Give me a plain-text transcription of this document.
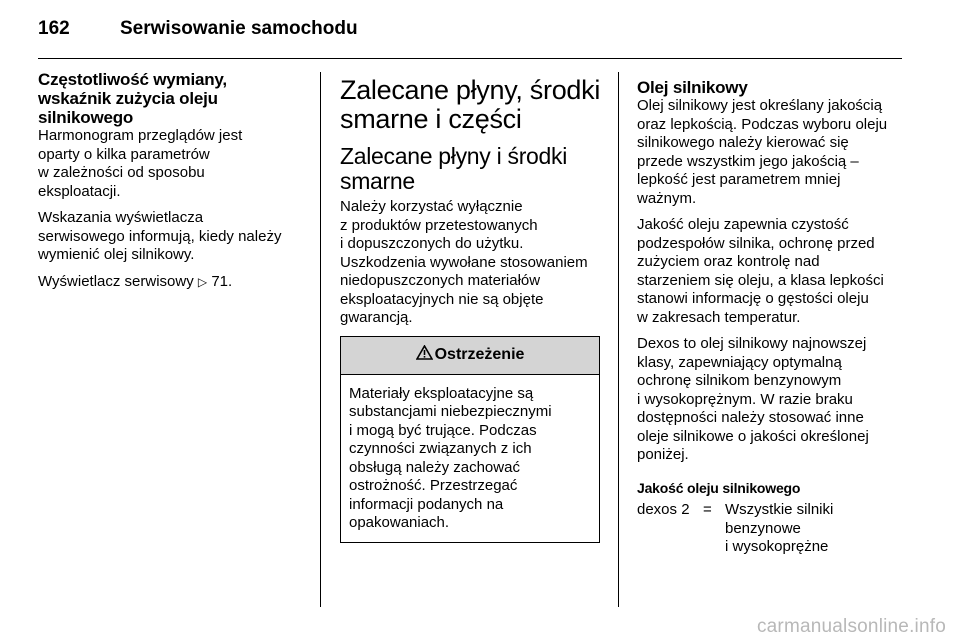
162	Serwisowanie samochodu
Częstotliwość wymiany,
wskaźnik zużycia oleju
silnikowego

Harmonogram przeglądów jest
oparty o kilka parametrów
w zależności od sposobu
eksploatacji.

Wskazania wyświetlacza
serwisowego informują, kiedy należy
wymienić olej silnikowy.

Wyświetlacz serwisowy ▷ 71.

Zalecane płyny, środki
smarne i części
Zalecane płyny i środki
smarne

Należy korzystać wyłącznie
z produktów przetestowanych
i dopuszczonych do użytku.
Uszkodzenia wywołane stosowaniem
niedopuszczonych materiałów
eksploatacyjnych nie są objęte
gwarancją.

Ostrzeżenie
Materiały eksploatacyjne są
substancjami niebezpiecznymi
i mogą być trujące. Podczas
czynności związanych z ich
obsługą należy zachować
ostrożność. Przestrzegać
informacji podanych na
opakowaniach.
Olej silnikowy

Olej silnikowy jest określany jakością
oraz lepkością. Podczas wyboru oleju
silnikowego należy kierować się
przede wszystkim jego jakością –
lepkość jest parametrem mniej
ważnym.

Jakość oleju zapewnia czystość
podzespołów silnika, ochronę przed
zużyciem oraz kontrolę nad
starzeniem się oleju, a klasa lepkości
stanowi informację o gęstości oleju
w zakresach temperatur.

Dexos to olej silnikowy najnowszej
klasy, zapewniający optymalną
ochronę silnikom benzynowym
i wysokoprężnym. W razie braku
dostępności należy stosować inne
oleje silnikowe o jakości określonej
poniżej.

Jakość oleju silnikowego
dexos 2 = Wszystkie silniki
benzynowe
i wysokoprężne
carmanualsonline.info
